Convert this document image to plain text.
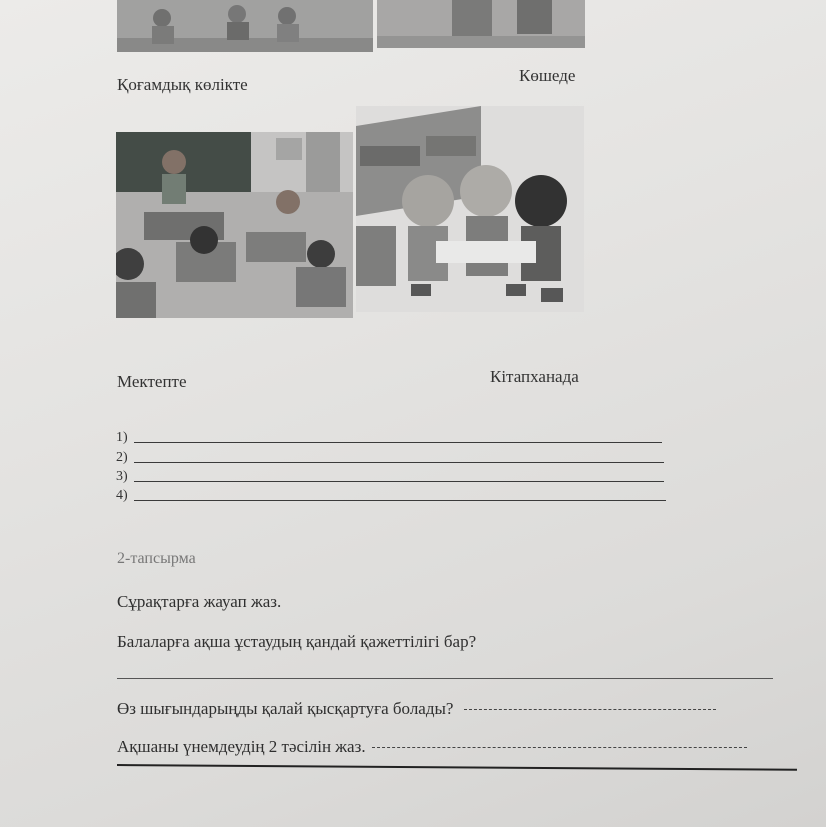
Қоғамдық көлікте	Көшеде
Мектепте	Кітапханада
1)
2)
3)
4)
2-тапсырма
Сұрақтарға жауап жаз.
Балаларға ақша ұстаудың қандай қажеттілігі бар?
Өз шығындарыңды қалай қысқартуға болады?
Ақшаны үнемдеудің 2 тәсілін жаз.
